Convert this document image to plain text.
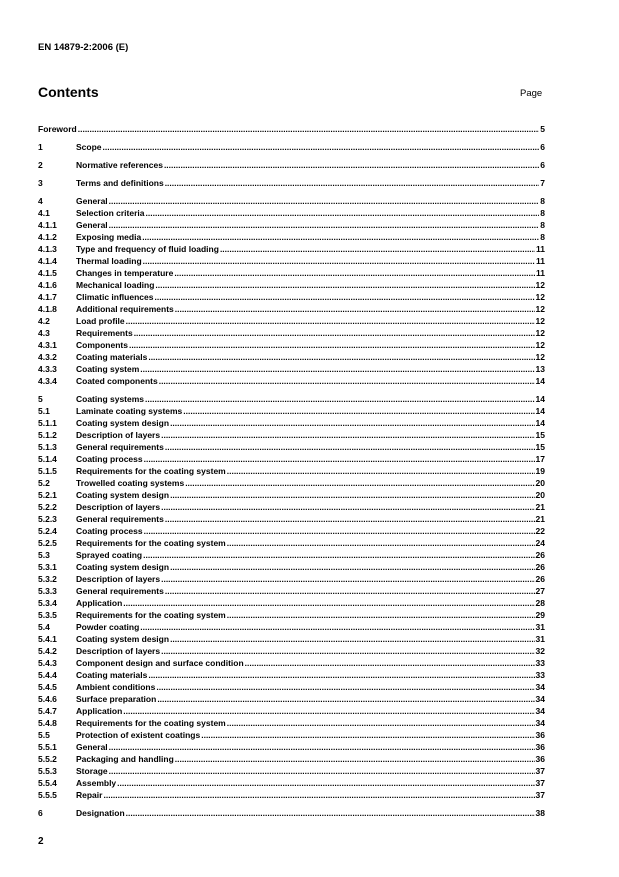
EN 14879-2:2006 (E)
Contents	Page
Foreword .....	5
1	Scope .....	6
2	Normative references .....	6
3	Terms and definitions .....	7
4	General .....	8
4.1	Selection criteria .....	8
4.1.1	General .....	8
4.1.2	Exposing media .....	8
4.1.3	Type and frequency of fluid loading .....	11
4.1.4	Thermal loading .....	11
4.1.5	Changes in temperature .....	11
4.1.6	Mechanical loading .....	12
4.1.7	Climatic influences .....	12
4.1.8	Additional requirements .....	12
4.2	Load profile .....	12
4.3	Requirements .....	12
4.3.1	Components .....	12
4.3.2	Coating materials .....	12
4.3.3	Coating system .....	13
4.3.4	Coated components .....	14
5	Coating systems .....	14
5.1	Laminate coating systems .....	14
5.1.1	Coating system design .....	14
5.1.2	Description of layers .....	15
5.1.3	General requirements .....	15
5.1.4	Coating process .....	17
5.1.5	Requirements for the coating system .....	19
5.2	Trowelled coating systems .....	20
5.2.1	Coating system design .....	20
5.2.2	Description of layers .....	21
5.2.3	General requirements .....	21
5.2.4	Coating process .....	22
5.2.5	Requirements for the coating system .....	24
5.3	Sprayed coating .....	26
5.3.1	Coating system design .....	26
5.3.2	Description of layers .....	26
5.3.3	General requirements .....	27
5.3.4	Application .....	28
5.3.5	Requirements for the coating system .....	29
5.4	Powder coating .....	31
5.4.1	Coating system design .....	31
5.4.2	Description of layers .....	32
5.4.3	Component design and surface condition .....	33
5.4.4	Coating materials .....	33
5.4.5	Ambient conditions .....	34
5.4.6	Surface preparation .....	34
5.4.7	Application .....	34
5.4.8	Requirements for the coating system .....	34
5.5	Protection of existent coatings .....	36
5.5.1	General .....	36
5.5.2	Packaging and handling .....	36
5.5.3	Storage .....	37
5.5.4	Assembly .....	37
5.5.5	Repair .....	37
6	Designation .....	38
2
